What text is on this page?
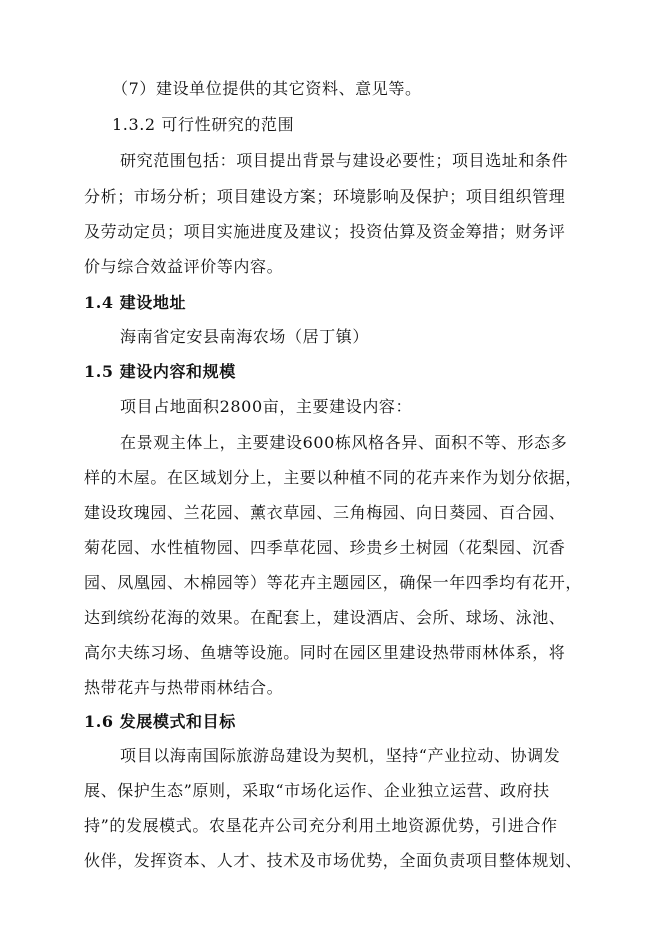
（7）建设单位提供的其它资料、意见等。
1.3.2 可行性研究的范围
研究范围包括：项目提出背景与建设必要性；项目选址和条件
分析；市场分析；项目建设方案；环境影响及保护；项目组织管理
及劳动定员；项目实施进度及建议；投资估算及资金筹措；财务评
价与综合效益评价等内容。
1.4 建设地址
海南省定安县南海农场（居丁镇）
1.5 建设内容和规模
项目占地面积2800亩，主要建设内容：
在景观主体上，主要建设600栋风格各异、面积不等、形态多
样的木屋。在区域划分上，主要以种植不同的花卉来作为划分依据，
建设玫瑰园、兰花园、薰衣草园、三角梅园、向日葵园、百合园、
菊花园、水性植物园、四季草花园、珍贵乡土树园（花梨园、沉香
园、凤凰园、木棉园等）等花卉主题园区，确保一年四季均有花开，
达到缤纷花海的效果。在配套上，建设酒店、会所、球场、泳池、
高尔夫练习场、鱼塘等设施。同时在园区里建设热带雨林体系，将
热带花卉与热带雨林结合。
1.6 发展模式和目标
项目以海南国际旅游岛建设为契机，坚持“产业拉动、协调发
展、保护生态”原则，采取“市场化运作、企业独立运营、政府扶
持”的发展模式。农垦花卉公司充分利用土地资源优势，引进合作
伙伴，发挥资本、人才、技术及市场优势，全面负责项目整体规划、
